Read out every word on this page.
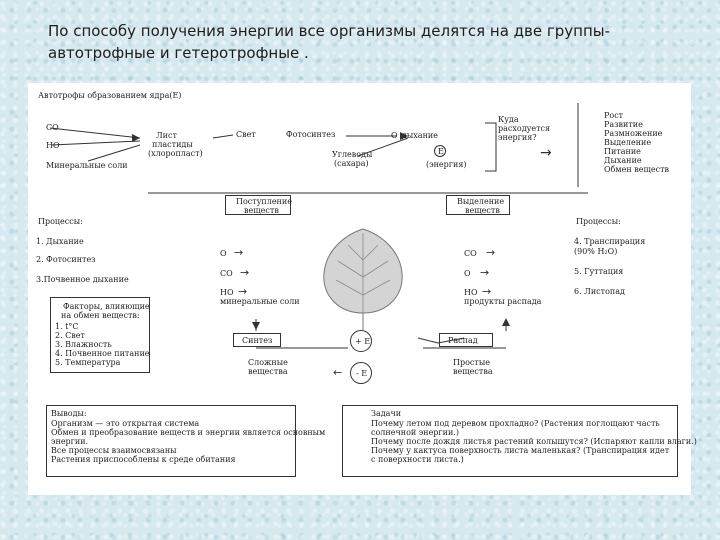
По способу получения энергии все организмы делятся на две группы-
автотрофные и гетеротрофные .
Автотрофы образованием ядра(E)
CO
HO
Минеральные соли
Лист
пластиды
(хлоропласт)
Свет	Фотосинтез	O дыхание
Углеводы
(сахара)
E
(энергия)
Куда
расходуется
энергия?
→
Рост
Развитие
Размножение
Выделение
Питание
Дыхание
Обмен веществ
Поступление
веществ
Выделение
веществ
Процессы:
1. Дыхание
2. Фотосинтез
3.Почвенное дыхание
Факторы, влияющие
на обмен веществ:
1. t°C
2. Свет
3. Влажность
4. Почвенное питание
5. Температура
O →
CO →
HO →
минеральные соли
Синтез
Сложные
вещества
+ E
- E
←
CO →
O →
HO →
продукты распада
Распад
Простые
вещества
Процессы:
4. Транспирация
(90% H₂O)
5. Гуттация
6. Листопад
Выводы:
Организм — это открытая система
Обмен и преобразование веществ и энергии является основным
энергии.
Все процессы взаимосвязаны
Растения приспособлены к среде обитания
Задачи
Почему летом под деревом прохладно? (Растения поглощают часть
солнечной энергии.)
Почему после дождя листья растений колышутся? (Испаряют капли влаги.)
Почему у кактуса поверхность листа маленькая? (Транспирация идет
с поверхности листа.)
